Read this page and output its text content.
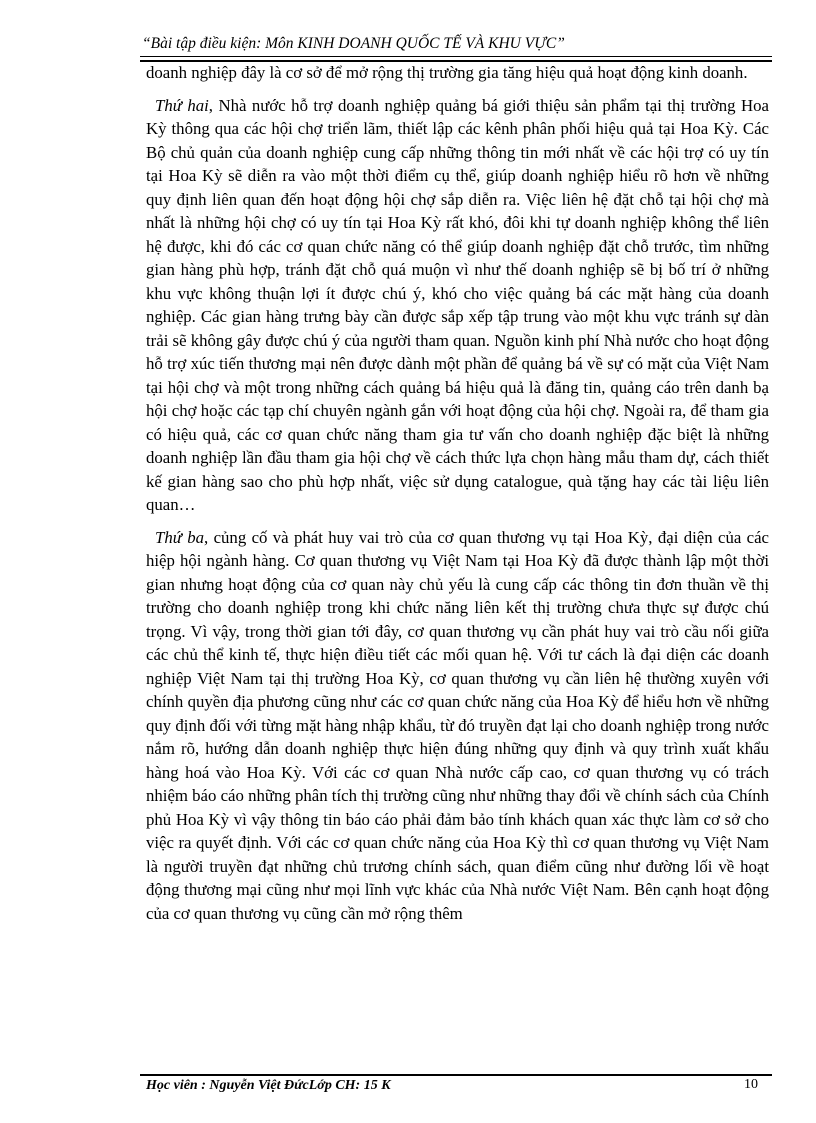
“Bài tập điều kiện: Môn KINH DOANH QUỐC TẾ VÀ KHU VỰC”

doanh nghiệp đây là cơ sở để mở rộng thị trường gia tăng hiệu quả hoạt động kinh doanh.

Thứ hai, Nhà nước hỗ trợ doanh nghiệp quảng bá giới thiệu sản phẩm tại thị trường Hoa Kỳ thông qua các hội chợ triển lãm, thiết lập các kênh phân phối hiệu quả tại Hoa Kỳ. Các Bộ chủ quản của doanh nghiệp cung cấp những thông tin mới nhất về các hội trợ có uy tín tại Hoa Kỳ sẽ diễn ra vào một thời điểm cụ thể, giúp doanh nghiệp hiểu rõ hơn về những quy định liên quan đến hoạt động hội chợ sắp diễn ra. Việc liên hệ đặt chỗ tại hội chợ mà nhất là những hội chợ có uy tín tại Hoa Kỳ rất khó, đôi khi tự doanh nghiệp không thể liên hệ được, khi đó các cơ quan chức năng có thể giúp doanh nghiệp đặt chỗ trước, tìm những gian hàng phù hợp, tránh đặt chỗ quá muộn vì như thế doanh nghiệp sẽ bị bố trí ở những khu vực không thuận lợi ít được chú ý, khó cho việc quảng bá các mặt hàng của doanh nghiệp. Các gian hàng trưng bày cần được sắp xếp tập trung vào một khu vực tránh sự dàn trải sẽ không gây được chú ý của người tham quan. Nguồn kinh phí Nhà nước cho hoạt động hỗ trợ xúc tiến thương mại nên được dành một phần để quảng bá về sự có mặt của Việt Nam tại hội chợ và một trong những cách quảng bá hiệu quả là đăng tin, quảng cáo trên danh bạ hội chợ hoặc các tạp chí chuyên ngành gắn với hoạt động của hội chợ. Ngoài ra, để tham gia có hiệu quả, các cơ quan chức năng tham gia tư vấn cho doanh nghiệp đặc biệt là những doanh nghiệp lần đầu tham gia hội chợ về cách thức lựa chọn hàng mẫu tham dự, cách thiết kế gian hàng sao cho phù hợp nhất, việc sử dụng catalogue, quà tặng hay các tài liệu liên quan…

Thứ ba, củng cố và phát huy vai trò của cơ quan thương vụ tại Hoa Kỳ, đại diện của các hiệp hội ngành hàng. Cơ quan thương vụ Việt Nam tại Hoa Kỳ đã được thành lập một thời gian nhưng hoạt động của cơ quan này chủ yếu là cung cấp các thông tin đơn thuần về thị trường cho doanh nghiệp trong khi chức năng liên kết thị trường chưa thực sự được chú trọng. Vì vậy, trong thời gian tới đây, cơ quan thương vụ cần phát huy vai trò cầu nối giữa các chủ thể kinh tế, thực hiện điều tiết các mối quan hệ. Với tư cách là đại diện các doanh nghiệp Việt Nam tại thị trường Hoa Kỳ, cơ quan thương vụ cần liên hệ thường xuyên với chính quyền địa phương cũng như các cơ quan chức năng của Hoa Kỳ để hiểu hơn về những quy định đối với từng mặt hàng nhập khẩu, từ đó truyền đạt lại cho doanh nghiệp trong nước nắm rõ, hướng dẫn doanh nghiệp thực hiện đúng những quy định và quy trình xuất khẩu hàng hoá vào Hoa Kỳ. Với các cơ quan Nhà nước cấp cao, cơ quan thương vụ có trách nhiệm báo cáo những phân tích thị trường cũng như những thay đổi về chính sách của Chính phủ Hoa Kỳ vì vậy thông tin báo cáo phải đảm bảo tính khách quan xác thực làm cơ sở cho việc ra quyết định. Với các cơ quan chức năng của Hoa Kỳ thì cơ quan thương vụ Việt Nam là người truyền đạt những chủ trương chính sách, quan điểm cũng như đường lối về hoạt động thương mại cũng như mọi lĩnh vực khác của Nhà nước Việt Nam. Bên cạnh hoạt động của cơ quan thương vụ cũng cần mở rộng thêm

Học viên : Nguyễn Việt ĐứcLớp CH: 15 K	10
